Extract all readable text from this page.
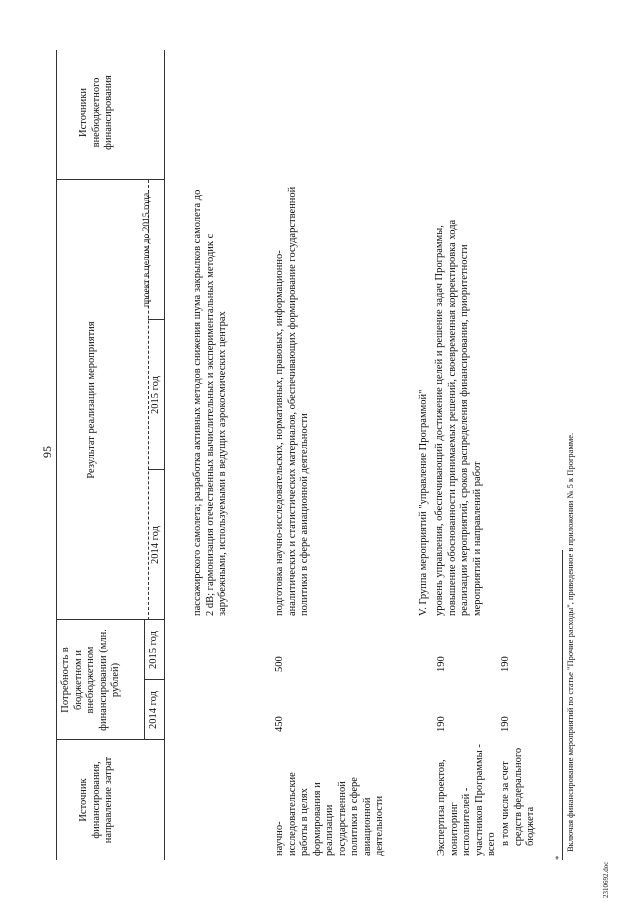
95
2310692.doc
Источник финансирования, направление затрат
Потребность в бюджетном и внебюджетном финансировании (млн. рублей)
2014 год
2015 год
Результат реализации мероприятия
2014 год
2015 год
проект в целом до 2015 года
Источники внебюджетного финансирования
пассажирского самолета; разработка активных методов снижения шума закрылков самолета до 2 dB; гармонизация отечественных вычислительных и экспериментальных методик с зарубежными, используемыми в ведущих аэрокосмических центрах
научно-исследовательские работы в целях формирования и реализации государственной политики в сфере авиационной деятельности
450
500
подготовка научно-исследовательских, нормативных, правовых, информационно-аналитических и статистических материалов, обеспечивающих формирование государственной политики в сфере авиационной деятельности	V. Группа мероприятий "управление Программой"
Экспертиза проектов, мониторинг исполнителей - участников Программы - всего
190
190
уровень управления, обеспечивающий достижение целей и решение задач Программы, повышение обоснованности принимаемых решений, своевременная корректировка хода реализации мероприятий, сроков распределения финансирования, приоритетности мероприятий и направлений работ
в том числе за счет средств федерального бюджета
190
190
*
Включая финансирование мероприятий по статье "Прочие расходы", приведенное в приложении № 5 к Программе.
